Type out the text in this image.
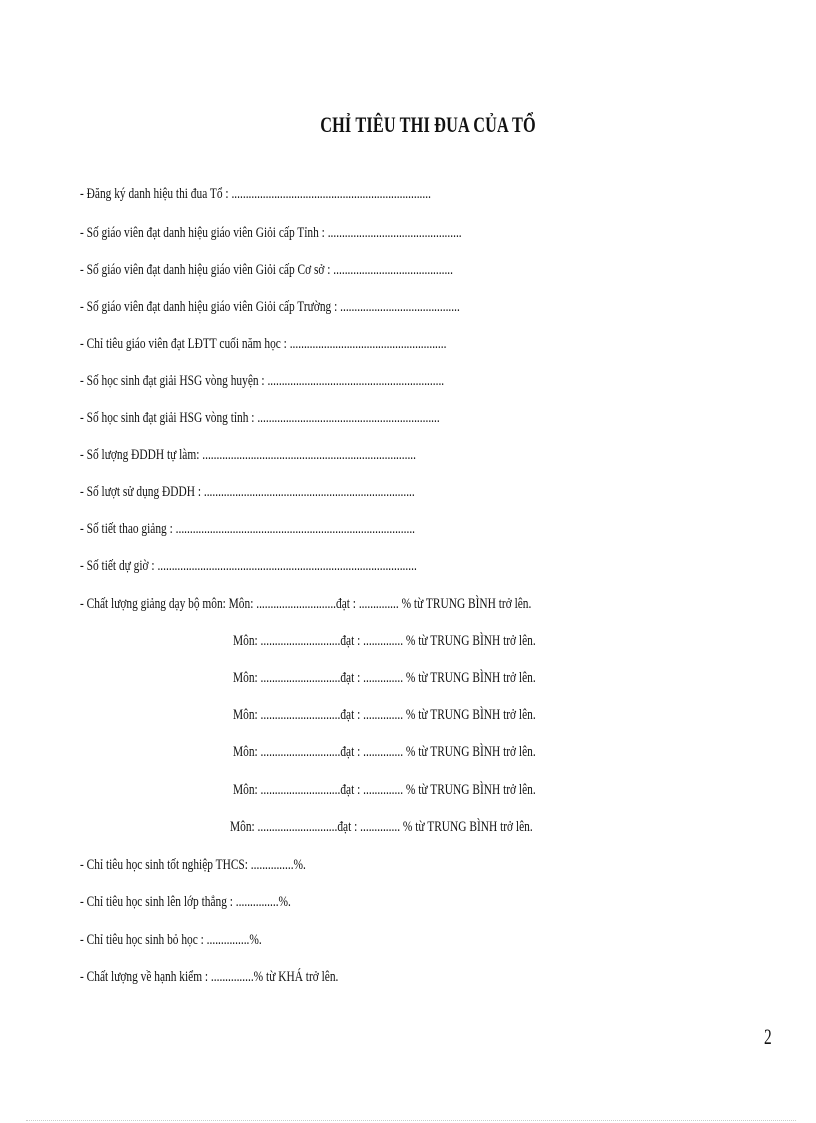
CHỈ TIÊU THI ĐUA CỦA TỔ
- Đăng ký danh hiệu thi đua Tổ : ......................................................................
- Số giáo viên đạt danh hiệu giáo viên Giỏi cấp Tỉnh : ...............................................
- Số giáo viên đạt danh hiệu giáo viên Giỏi cấp Cơ sở : ..........................................
- Số giáo viên đạt danh hiệu giáo viên Giỏi cấp Trường : ..........................................
- Chỉ tiêu giáo viên đạt LĐTT cuối năm học : .......................................................
- Số học sinh đạt giải HSG vòng huyện : ..............................................................
- Số học sinh đạt giải HSG vòng tỉnh : ................................................................
- Số lượng ĐDDH tự làm: ...........................................................................
- Số lượt sử dụng ĐDDH : ..........................................................................
- Số tiết thao giảng : ....................................................................................
- Số tiết dự giờ : ...........................................................................................
- Chất lượng giảng dạy bộ môn: Môn: ............................đạt : .............. % từ TRUNG BÌNH trở lên.
Môn: ............................đạt : .............. % từ TRUNG BÌNH trở lên.
Môn: ............................đạt : .............. % từ TRUNG BÌNH trở lên.
Môn: ............................đạt : .............. % từ TRUNG BÌNH trở lên.
Môn: ............................đạt : .............. % từ TRUNG BÌNH trở lên.
Môn: ............................đạt : .............. % từ TRUNG BÌNH trở lên.
Môn: ............................đạt : .............. % từ TRUNG BÌNH trở lên.
- Chỉ tiêu học sinh tốt nghiệp THCS: ...............%.
- Chỉ tiêu học sinh lên lớp thẳng : ...............%.
- Chỉ tiêu học sinh bỏ học : ...............%.
- Chất lượng về hạnh kiểm : ...............% từ KHÁ trở lên.
2
